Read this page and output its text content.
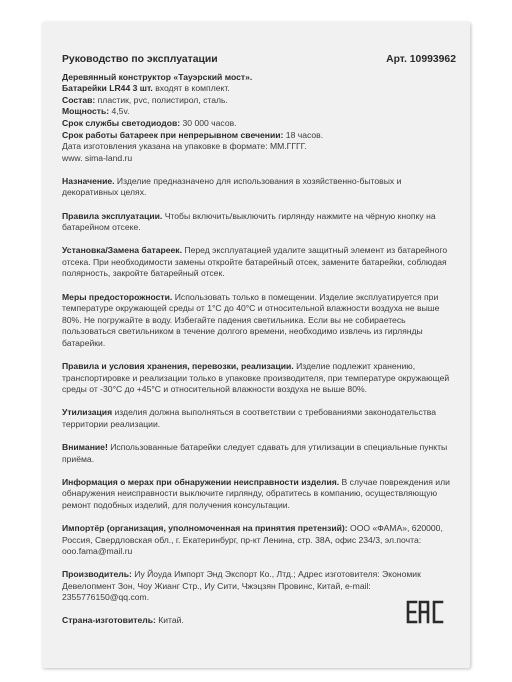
Руководство по эксплуатации	Арт. 10993962

Деревянный конструктор «Тауэрский мост».

Батарейки LR44 3 шт. входят в комплект.

Состав: пластик, pvc, полистирол, сталь.

Мощность: 4,5v.

Срок службы светодиодов: 30 000 часов.

Срок работы батареек при непрерывном свечении: 18 часов.

Дата изготовления указана на упаковке в формате: ММ.ГГГГ.

www. sima-land.ru

Назначение. Изделие предназначено для использования в хозяйственно-бытовых и декоративных целях.

Правила эксплуатации. Чтобы включить/выключить гирлянду нажмите на чёрную кнопку на батарейном отсеке.

Установка/Замена батареек. Перед эксплуатацией удалите защитный элемент из батарейного отсека. При необходимости замены откройте батарейный отсек, замените батарейки, соблюдая полярность, закройте батарейный отсек.

Меры предосторожности. Использовать только в помещении. Изделие эксплуатируется при температуре окружающей среды от 1°С до 40°С и относительной влажности воздуха не выше 80%. Не погружайте в воду. Избегайте падения светильника. Если вы не собираетесь пользоваться светильником в течение долгого времени, необходимо извлечь из гирлянды батарейки.

Правила и условия хранения, перевозки, реализации. Изделие подлежит хранению, транспортировке и реализации только в упаковке производителя, при температуре окружающей среды от -30°С до +45°С и относительной влажности воздуха не выше 80%.

Утилизация изделия должна выполняться в соответствии с требованиями законодательства территории реализации.

Внимание! Использованные батарейки следует сдавать для утилизации в специальные пункты приёма.

Информация о мерах при обнаружении неисправности изделия. В случае повреждения или обнаружения неисправности выключите гирлянду, обратитесь в компанию, осуществляющую ремонт подобных изделий, для получения консультации.

Импортёр (организация, уполномоченная на принятия претензий): ООО «ФАМА», 620000, Россия, Свердловская обл., г. Екатеринбург, пр-кт Ленина, стр. 38А, офис 234/3, эл.почта: ooo.fama@mail.ru

Производитель: Иу Йоуда Импорт Энд Экспорт Ко., Лтд.; Адрес изготовителя: Экономик Девелопмент Зон, Чоу Жианг Стр., Иу Сити, Чжэцзян Провинс, Китай, e-mail: 2355776150@qq.com.

Страна-изготовитель: Китай.
